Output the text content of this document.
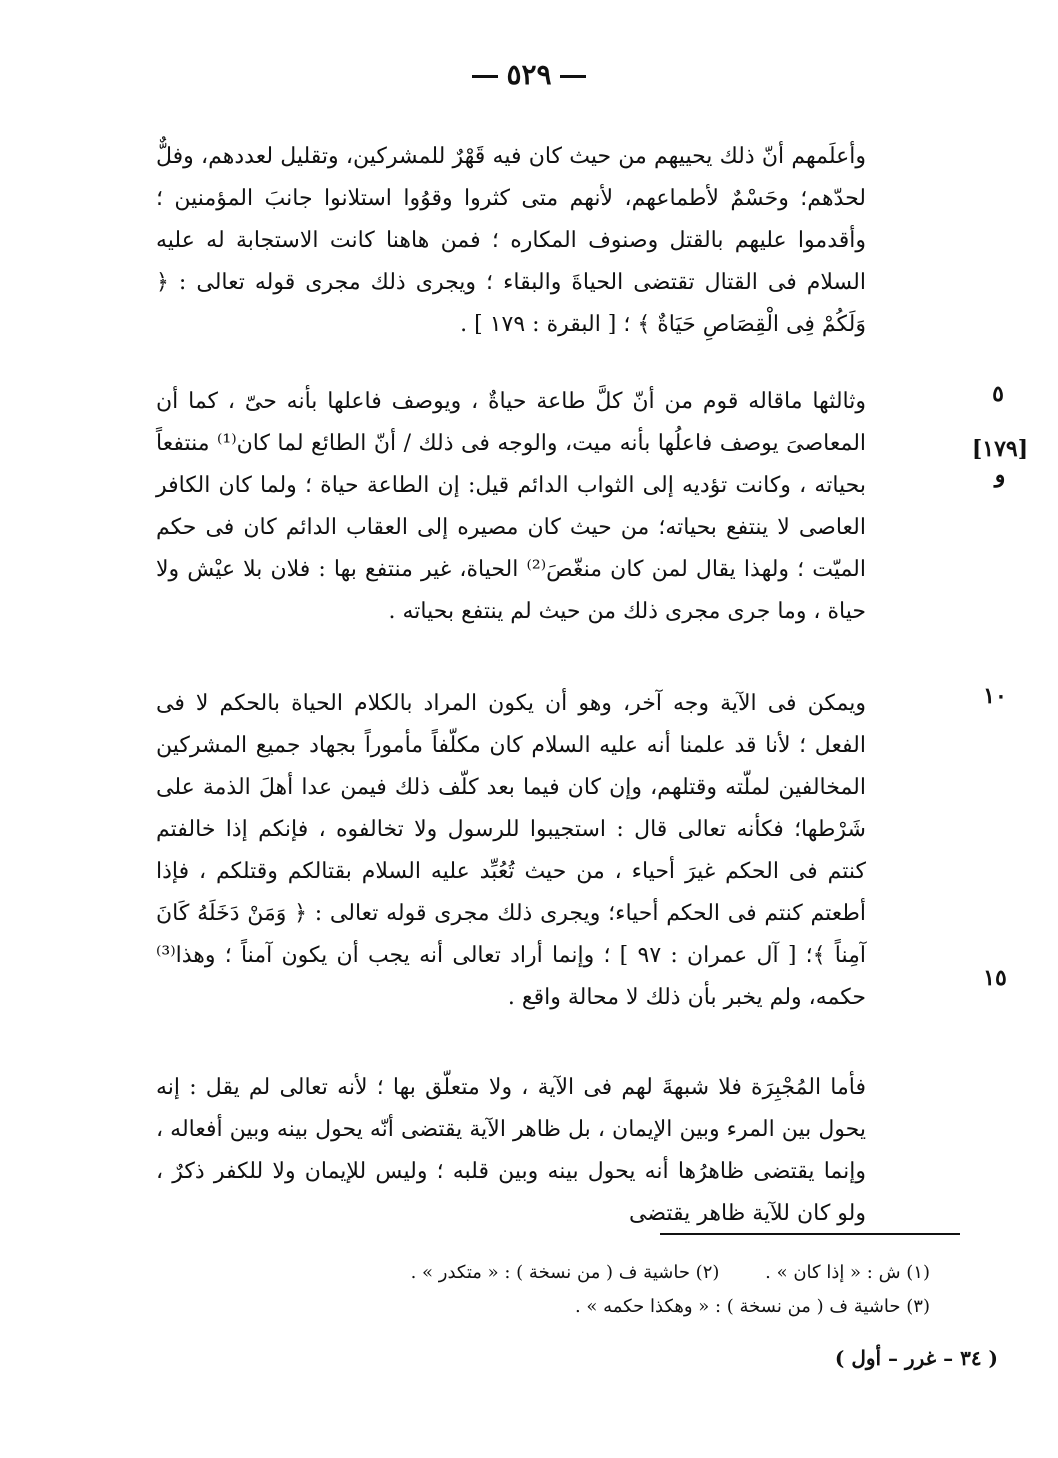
٥٢٩
٥
[١٧٩]
و
١٠
١٥

وأعلَمهم أنّ ذلك يحييهم من حيث كان فيه قَهْرٌ للمشركين، وتقليل لعددهم، وفلٌّ لحدّهم؛ وحَسْمٌ لأطماعهم، لأنهم متى كثروا وقوُوا استلانوا جانبَ المؤمنين ؛ وأقدموا عليهم بالقتل وصنوف المكاره ؛ فمن هاهنا كانت الاستجابة له عليه السلام فى القتال تقتضى الحياةَ والبقاء ؛ ويجرى ذلك مجرى قوله تعالى : ﴿ وَلَكُمْ فِى الْقِصَاصِ حَيَاةٌ ﴾ ؛ [ البقرة : ١٧٩ ] .

وثالثها ماقاله قوم من أنّ كلَّ طاعة حياةٌ ، ويوصف فاعلها بأنه حىّ ، كما أن المعاصىَ يوصف فاعلُها بأنه ميت، والوجه فى ذلك / أنّ الطائع لما كان⁽¹⁾ منتفعاً بحياته ، وكانت تؤديه إلى الثواب الدائم قيل: إن الطاعة حياة ؛ ولما كان الكافر العاصى لا ينتفع بحياته؛ من حيث كان مصيره إلى العقاب الدائم كان فى حكم الميّت ؛ ولهذا يقال لمن كان منغّصَ⁽²⁾ الحياة، غير منتفع بها : فلان بلا عيْش ولا حياة ، وما جرى مجرى ذلك من حيث لم ينتفع بحياته .

ويمكن فى الآية وجه آخر، وهو أن يكون المراد بالكلام الحياة بالحكم لا فى الفعل ؛ لأنا قد علمنا أنه عليه السلام كان مكلّفاً مأموراً بجهاد جميع المشركين المخالفين لملّته وقتلهم، وإن كان فيما بعد كلّف ذلك فيمن عدا أهلَ الذمة على شَرْطها؛ فكأنه تعالى قال : استجيبوا للرسول ولا تخالفوه ، فإنكم إذا خالفتم كنتم فى الحكم غيرَ أحياء ، من حيث تُعُبِّد عليه السلام بقتالكم وقتلكم ، فإذا أطعتم كنتم فى الحكم أحياء؛ ويجرى ذلك مجرى قوله تعالى : ﴿ وَمَنْ دَخَلَهُ كَانَ آمِناً ﴾؛ [ آل عمران : ٩٧ ] ؛ وإنما أراد تعالى أنه يجب أن يكون آمناً ؛ وهذا⁽³⁾ حكمه، ولم يخبر بأن ذلك لا محالة واقع .

فأما المُجْبِرَة فلا شبهةَ لهم فى الآية ، ولا متعلّق بها ؛ لأنه تعالى لم يقل : إنه يحول بين المرء وبين الإيمان ، بل ظاهر الآية يقتضى أنّه يحول بينه وبين أفعاله ، وإنما يقتضى ظاهرُها أنه يحول بينه وبين قلبه ؛ وليس للإيمان ولا للكفر ذكرٌ ، ولو كان للآية ظاهر يقتضى

(١) ش : « إذا كان » . (٢) حاشية ف ( من نسخة ) : « متكدر » .
(٣) حاشية ف ( من نسخة ) : « وهكذا حكمه » .
( ٣٤ – غرر – أول )
